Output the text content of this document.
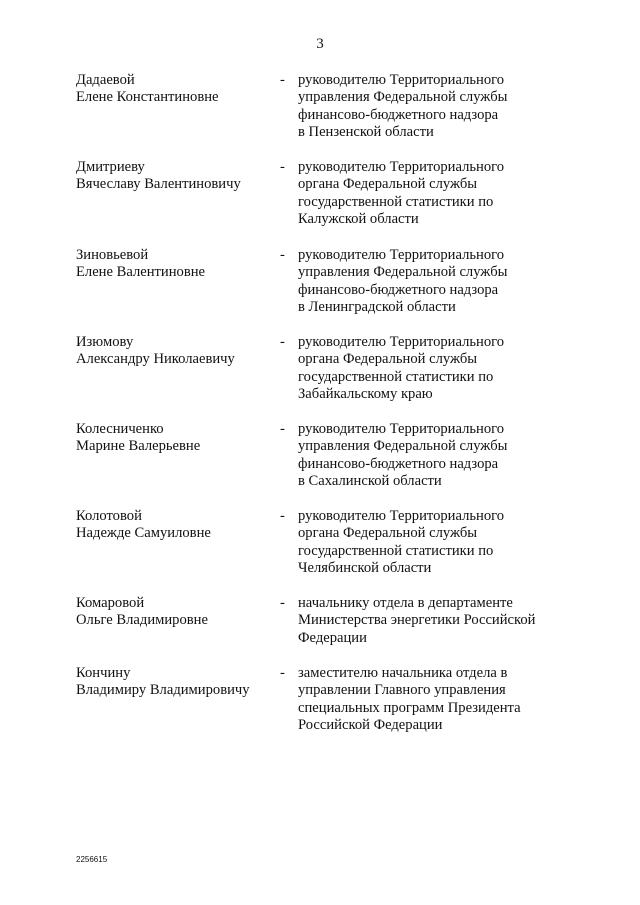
3
Дадаевой
Елене Константиновне
- руководителю Территориального
управления Федеральной службы
финансово-бюджетного надзора
в Пензенской области
Дмитриеву
Вячеславу Валентиновичу
- руководителю Территориального
органа Федеральной службы
государственной статистики по
Калужской области
Зиновьевой
Елене Валентиновне
- руководителю Территориального
управления Федеральной службы
финансово-бюджетного надзора
в Ленинградской области
Изюмову
Александру Николаевичу
- руководителю Территориального
органа Федеральной службы
государственной статистики по
Забайкальскому краю
Колесниченко
Марине Валерьевне
- руководителю Территориального
управления Федеральной службы
финансово-бюджетного надзора
в Сахалинской области
Колотовой
Надежде Самуиловне
- руководителю Территориального
органа Федеральной службы
государственной статистики по
Челябинской области
Комаровой
Ольге Владимировне
- начальнику отдела в департаменте
Министерства энергетики Российской
Федерации
Кончину
Владимиру Владимировичу
- заместителю начальника отдела в
управлении Главного управления
специальных программ Президента
Российской Федерации
2256615
